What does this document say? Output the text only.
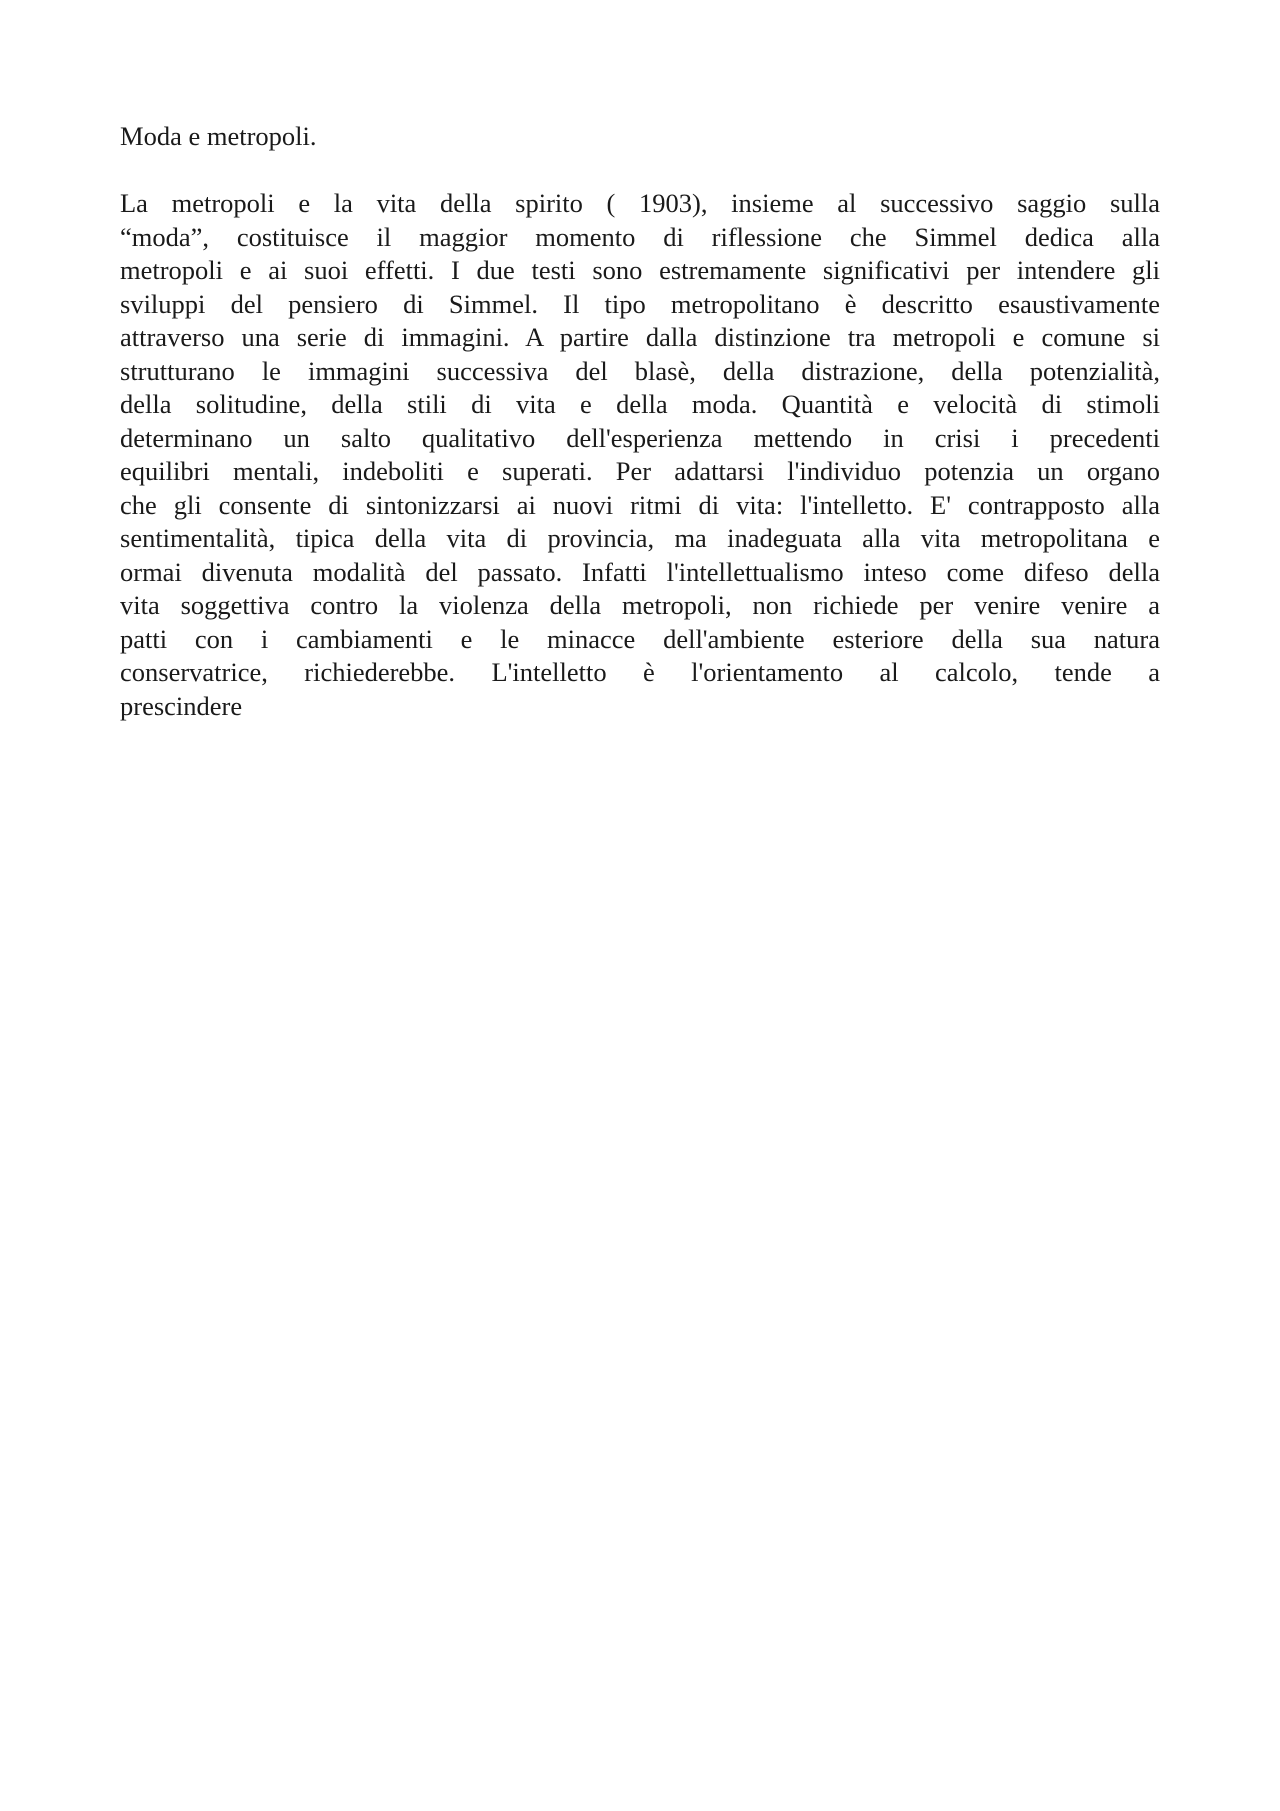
Moda e metropoli.

La metropoli e la vita della spirito ( 1903), insieme al successivo saggio sulla
“moda”, costituisce il maggior momento di riflessione che Simmel dedica alla
metropoli e ai suoi effetti. I due testi sono estremamente significativi per intendere gli
sviluppi del pensiero di Simmel. Il tipo metropolitano è descritto esaustivamente
attraverso una serie di immagini. A partire dalla distinzione tra metropoli e comune si
strutturano le immagini successiva del blasè, della distrazione, della potenzialità,
della solitudine, della stili di vita e della moda. Quantità e velocità di stimoli
determinano un salto qualitativo dell'esperienza mettendo in crisi i precedenti
equilibri mentali, indeboliti e superati. Per adattarsi l'individuo potenzia un organo
che gli consente di sintonizzarsi ai nuovi ritmi di vita: l'intelletto. E' contrapposto alla
sentimentalità, tipica della vita di provincia, ma inadeguata alla vita metropolitana e
ormai divenuta modalità del passato. Infatti l'intellettualismo inteso come difeso della
vita soggettiva contro la violenza della metropoli, non richiede per venire venire a
patti con i cambiamenti e le minacce dell'ambiente esteriore della sua natura
conservatrice, richiederebbe. L'intelletto è l'orientamento al calcolo, tende a
prescindere
